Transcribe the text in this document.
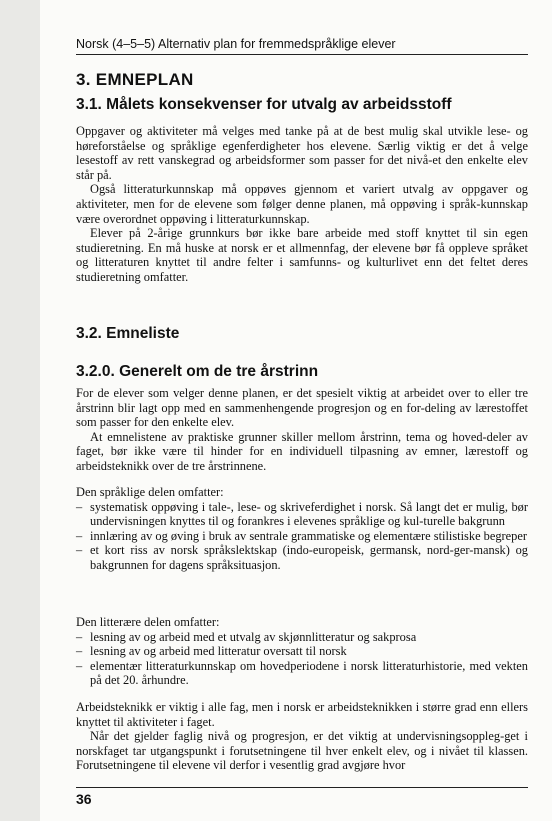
Norsk (4–5–5) Alternativ plan for fremmedspråklige elever
3. EMNEPLAN
3.1. Målets konsekvenser for utvalg av arbeidsstoff

Oppgaver og aktiviteter må velges med tanke på at de best mulig skal utvikle lese- og høreforståelse og språklige egenferdigheter hos elevene. Særlig viktig er det å velge lesestoff av rett vanskegrad og arbeidsformer som passer for det nivå-et den enkelte elev står på.

Også litteraturkunnskap må oppøves gjennom et variert utvalg av oppgaver og aktiviteter, men for de elevene som følger denne planen, må oppøving i språk-kunnskap være overordnet oppøving i litteraturkunnskap.

Elever på 2-årige grunnkurs bør ikke bare arbeide med stoff knyttet til sin egen studieretning. En må huske at norsk er et allmennfag, der elevene bør få oppleve språket og litteraturen knyttet til andre felter i samfunns- og kulturlivet enn det feltet deres studieretning omfatter.

3.2. Emneliste
3.2.0. Generelt om de tre årstrinn

For de elever som velger denne planen, er det spesielt viktig at arbeidet over to eller tre årstrinn blir lagt opp med en sammenhengende progresjon og en for-deling av lærestoffet som passer for den enkelte elev.

At emnelistene av praktiske grunner skiller mellom årstrinn, tema og hoved-deler av faget, bør ikke være til hinder for en individuell tilpasning av emner, lærestoff og arbeidsteknikk over de tre årstrinnene.

Den språklige delen omfatter:

– systematisk oppøving i tale-, lese- og skriveferdighet i norsk. Så langt det er mulig, bør undervisningen knyttes til og forankres i elevenes språklige og kul-turelle bakgrunn
– innlæring av og øving i bruk av sentrale grammatiske og elementære stilistiske begreper
– et kort riss av norsk språkslektskap (indo-europeisk, germansk, nord-ger-mansk) og bakgrunnen for dagens språksituasjon.

Den litterære delen omfatter:

– lesning av og arbeid med et utvalg av skjønnlitteratur og sakprosa
– lesning av og arbeid med litteratur oversatt til norsk
– elementær litteraturkunnskap om hovedperiodene i norsk litteraturhistorie, med vekten på det 20. århundre.

Arbeidsteknikk er viktig i alle fag, men i norsk er arbeidsteknikken i større grad enn ellers knyttet til aktiviteter i faget.

Når det gjelder faglig nivå og progresjon, er det viktig at undervisningsoppleg-get i norskfaget tar utgangspunkt i forutsetningene til hver enkelt elev, og i nivået til klassen. Forutsetningene til elevene vil derfor i vesentlig grad avgjøre hvor

36
